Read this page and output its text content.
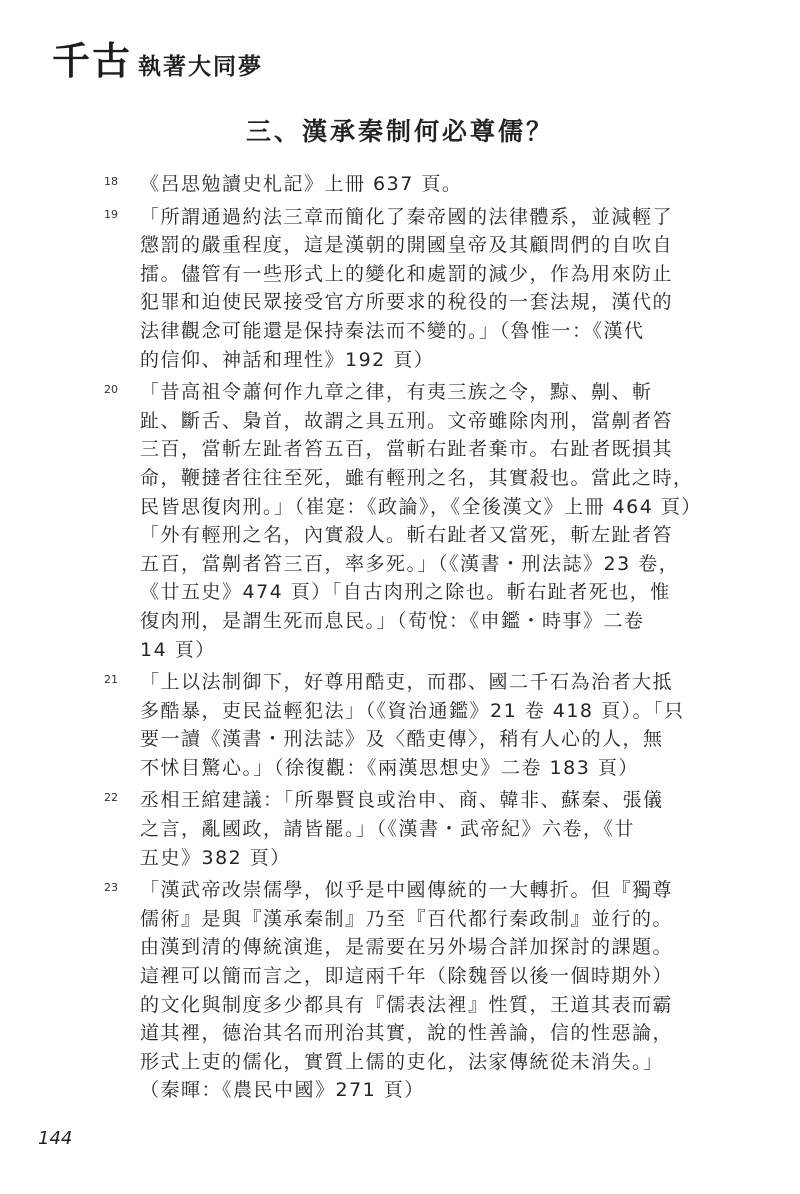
千古 執著大同夢
三、漢承秦制何必尊儒？
18	《呂思勉讀史札記》上冊 637 頁。
19	「所謂通過約法三章而簡化了秦帝國的法律體系，並減輕了
懲罰的嚴重程度，這是漢朝的開國皇帝及其顧問們的自吹自
擂。儘管有一些形式上的變化和處罰的減少，作為用來防止
犯罪和迫使民眾接受官方所要求的稅役的一套法規，漢代的
法律觀念可能還是保持秦法而不變的。」（魯惟一：《漢代
的信仰、神話和理性》192 頁）
20	「昔高祖令蕭何作九章之律，有夷三族之令，黥、劓、斬
趾、斷舌、梟首，故謂之具五刑。文帝雖除肉刑，當劓者笞
三百，當斬左趾者笞五百，當斬右趾者棄市。右趾者既損其
命，鞭撻者往往至死，雖有輕刑之名，其實殺也。當此之時，
民皆思復肉刑。」（崔寔：《政論》，《全後漢文》上冊 464 頁）
「外有輕刑之名，內實殺人。斬右趾者又當死，斬左趾者笞
五百，當劓者笞三百，率多死。」（《漢書・刑法誌》23 卷，
《廿五史》474 頁）「自古肉刑之除也。斬右趾者死也，惟
復肉刑，是謂生死而息民。」（荀悅：《申鑑・時事》二卷
14 頁）
21	「上以法制御下，好尊用酷吏，而郡、國二千石為治者大抵
多酷暴，吏民益輕犯法」（《資治通鑑》21 卷 418 頁）。「只
要一讀《漢書・刑法誌》及〈酷吏傳〉，稍有人心的人，無
不怵目驚心。」（徐復觀：《兩漢思想史》二卷 183 頁）
22	丞相王綰建議：「所舉賢良或治申、商、韓非、蘇秦、張儀
之言，亂國政，請皆罷。」（《漢書・武帝紀》六卷，《廿
五史》382 頁）
23	「漢武帝改崇儒學，似乎是中國傳統的一大轉折。但『獨尊
儒術』是與『漢承秦制』乃至『百代都行秦政制』並行的。
由漢到清的傳統演進，是需要在另外場合詳加探討的課題。
這裡可以簡而言之，即這兩千年（除魏晉以後一個時期外）
的文化與制度多少都具有『儒表法裡』性質，王道其表而霸
道其裡，德治其名而刑治其實，說的性善論，信的性惡論，
形式上吏的儒化，實質上儒的吏化，法家傳統從未消失。」
（秦暉：《農民中國》271 頁）
144
